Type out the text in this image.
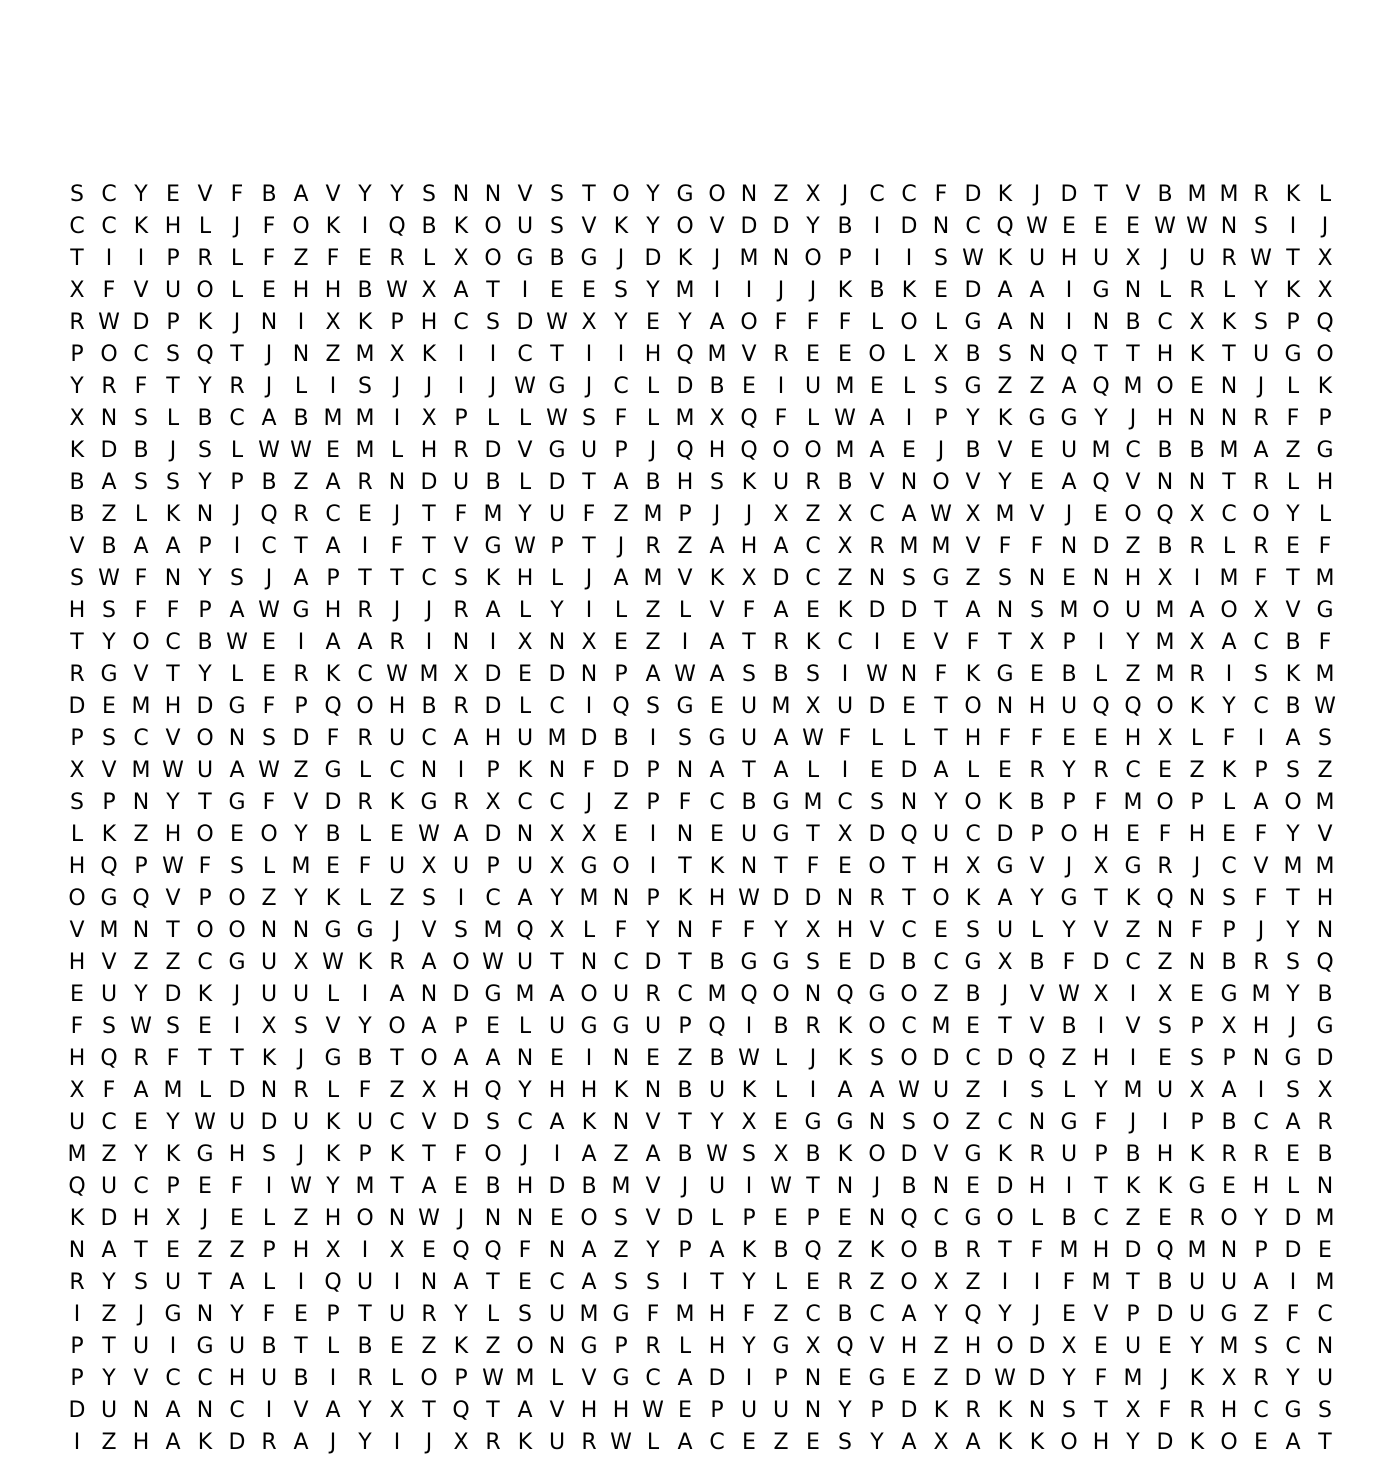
S C Y E V F B A V Y Y S N N V S T O Y G O N Z X J C C F D K J D T V B M M R K L
C C K H L	J	F O K I Q B K O U S V K Y O V D D Y B I D N C Q W E E E W W N S I	J
T	I	I	P R L F Z F E R L X O G B G J D K J M N O P	I	I S W K U H U X J U R W T X
X F V U O L E H H B W X A T	I E E S Y M I	I	J	J K B K E D A A I G N L R L Y K X
R W D P K J N I X K P H C S D W X Y E Y A O F F F L O L G A N I N B C X K S P Q
P O C S Q T	J N Z M X K I	I C T	I	I H Q M V R E E O L X B S N Q T T H K T U G O
Y R F T Y R J	L	I S J	J	I	J W G J C L D B E I U M E L S G Z Z A Q M O E N J	L K
X N S L B C A B M M I X P L L W S F L M X Q F L W A I	P Y K G G Y	J H N N R F P
K D B J S L W W E M L H R D V G U P	J Q H Q O O M A E J B V E U M C B B M A Z G
B A S S Y P B Z A R N D U B L D T A B H S K U R B V N O V Y E A Q V N N T R L H
B Z L K N J Q R C E J	T F M Y U F Z M P	J	J X Z X C A W X M V J E O Q X C O Y L
V B A A P	I C T A I	F T V G W P T	J R Z A H A C X R M M V F F N D Z B R L R E F
S W F N Y S J A P T T C S K H L	J A M V K X D C Z N S G Z S N E N H X I M F T M
H S F F P A W G H R J	J R A L Y	I	L Z L V F A E K D D T A N S M O U M A O X V G
T Y O C B W E I A A R I N I X N X E Z I A T R K C I E V F T X P	I	Y M X A C B F
R G V T Y L E R K C W M X D E D N P A W A S B S I W N F K G E B L Z M R I S K M
D E M H D G F P Q O H B R D L C I Q S G E U M X U D E T O N H U Q Q O K Y C B W
P S C V O N S D F R U C A H U M D B I S G U A W F L L T H F F E E H X L F	I A S
X V M W U A W Z G L C N I	P K N F D P N A T A L	I E D A L E R Y R C E Z K P S Z
S P N Y T G F V D R K G R X C C J Z P F C B G M C S N Y O K B P F M O P L A O M
L K Z H O E O Y B L E W A D N X X E I N E U G T X D Q U C D P O H E F H E F Y V
H Q P W F S L M E F U X U P U X G O I	T K N T F E O T H X G V J X G R J C V M M
O G Q V P O Z Y K L Z S I C A Y M N P K H W D D N R T O K A Y G T K Q N S F T H
V M N T O O N N G G J V S M Q X L F Y N F F Y X H V C E S U L Y V Z N F P	J	Y N
H V Z Z C G U X W K R A O W U T N C D T B G G S E D B C G X B F D C Z N B R S Q
E U Y D K J U U L	I A N D G M A O U R C M Q O N Q G O Z B J V W X I X E G M Y B
F S W S E I X S V Y O A P E L U G G U P Q I B R K O C M E T V B I V S P X H J G
H Q R F T T K J G B T O A A N E I N E Z B W L	J K S O D C D Q Z H I E S P N G D
X F A M L D N R L F Z X H Q Y H H K N B U K L	I A A W U Z I S L Y M U X A I S X
U C E Y W U D U K U C V D S C A K N V T Y X E G G N S O Z C N G F	J	I	P B C A R
M Z Y K G H S J K P K T F O J	I A Z A B W S X B K O D V G K R U P B H K R R E B
Q U C P E F	I W Y M T A E B H D B M V J U I W T N J B N E D H I	T K K G E H L N
K D H X J E L Z H O N W J N N E O S V D L P E P E N Q C G O L B C Z E R O Y D M
N A T E Z Z P H X I X E Q Q F N A Z Y P A K B Q Z K O B R T F M H D Q M N P D E
R Y S U T A L	I Q U I N A T E C A S S I	T Y L E R Z O X Z I	I	F M T B U U A I M
I Z J G N Y F E P T U R Y L S U M G F M H F Z C B C A Y Q Y	J E V P D U G Z F C
P T U I G U B T L B E Z K Z O N G P R L H Y G X Q V H Z H O D X E U E Y M S C N
P Y V C C H U B I R L O P W M L V G C A D I	P N E G E Z D W D Y F M J K X R Y U
D U N A N C I V A Y X T Q T A V H H W E P U U N Y P D K R K N S T X F R H C G S
I Z H A K D R A J	Y	I	J X R K U R W L A C E Z E S Y A X A K K O H Y D K O E A T
